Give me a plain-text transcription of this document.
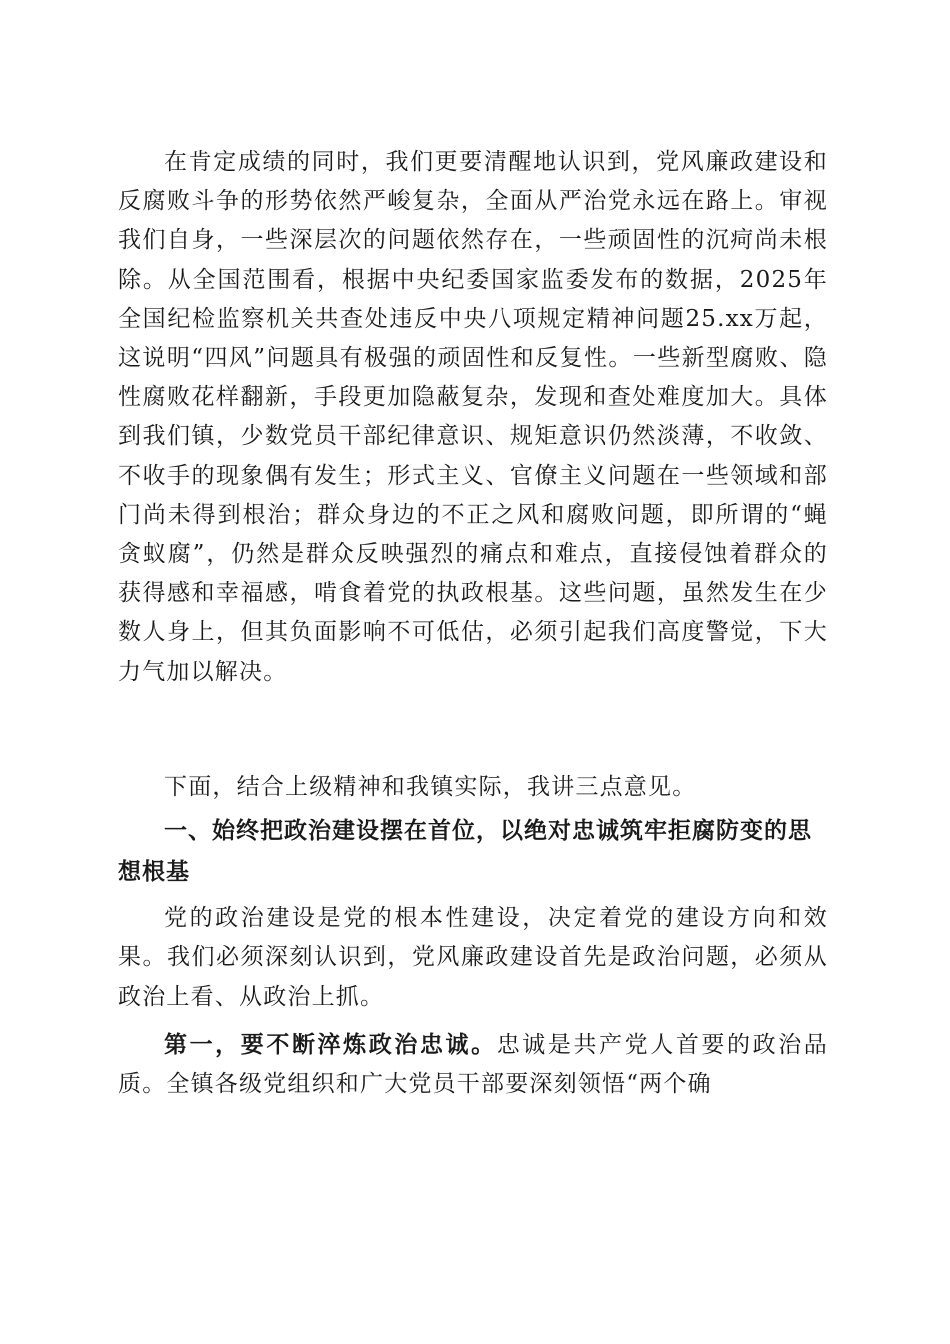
在肯定成绩的同时，我们更要清醒地认识到，党风廉政建设和反腐败斗争的形势依然严峻复杂，全面从严治党永远在路上。审视我们自身，一些深层次的问题依然存在，一些顽固性的沉疴尚未根除。从全国范围看，根据中央纪委国家监委发布的数据，2025年全国纪检监察机关共查处违反中央八项规定精神问题25.xx万起，这说明“四风”问题具有极强的顽固性和反复性。一些新型腐败、隐性腐败花样翻新，手段更加隐蔽复杂，发现和查处难度加大。具体到我们镇，少数党员干部纪律意识、规矩意识仍然淡薄，不收敛、不收手的现象偶有发生；形式主义、官僚主义问题在一些领域和部门尚未得到根治；群众身边的不正之风和腐败问题，即所谓的“蝇贪蚁腐”，仍然是群众反映强烈的痛点和难点，直接侵蚀着群众的获得感和幸福感，啃食着党的执政根基。这些问题，虽然发生在少数人身上，但其负面影响不可低估，必须引起我们高度警觉，下大力气加以解决。

下面，结合上级精神和我镇实际，我讲三点意见。

一、始终把政治建设摆在首位，以绝对忠诚筑牢拒腐防变的思想根基

党的政治建设是党的根本性建设，决定着党的建设方向和效果。我们必须深刻认识到，党风廉政建设首先是政治问题，必须从政治上看、从政治上抓。

第一，要不断淬炼政治忠诚。忠诚是共产党人首要的政治品质。全镇各级党组织和广大党员干部要深刻领悟“两个确
